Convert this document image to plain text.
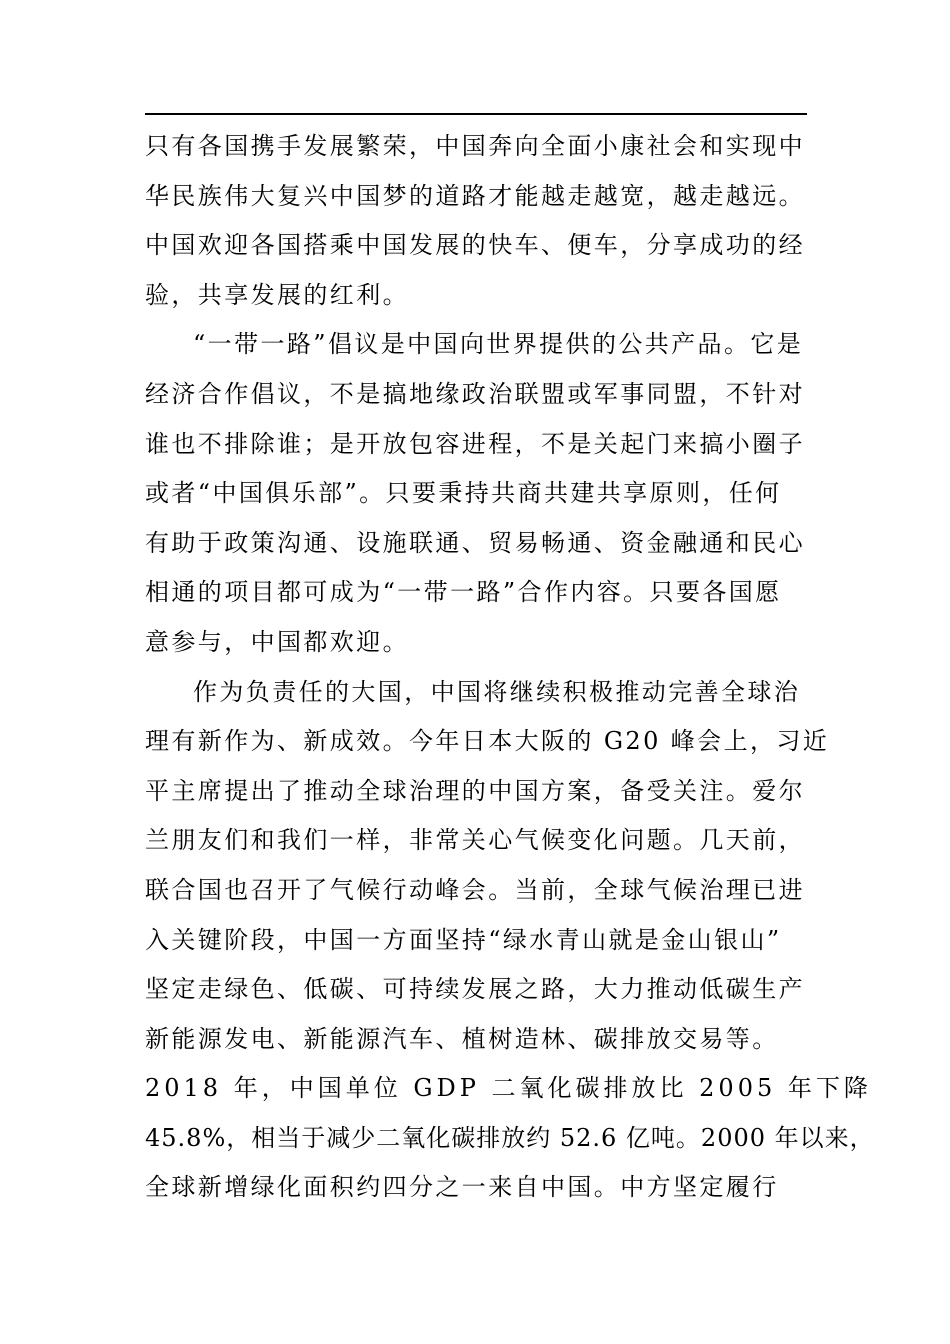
只有各国携手发展繁荣，中国奔向全面小康社会和实现中
华民族伟大复兴中国梦的道路才能越走越宽，越走越远。
中国欢迎各国搭乘中国发展的快车、便车，分享成功的经
验，共享发展的红利。
“一带一路”倡议是中国向世界提供的公共产品。它是
经济合作倡议，不是搞地缘政治联盟或军事同盟，不针对
谁也不排除谁；是开放包容进程，不是关起门来搞小圈子
或者“中国俱乐部”。只要秉持共商共建共享原则，任何
有助于政策沟通、设施联通、贸易畅通、资金融通和民心
相通的项目都可成为“一带一路”合作内容。只要各国愿
意参与，中国都欢迎。
作为负责任的大国，中国将继续积极推动完善全球治
理有新作为、新成效。今年日本大阪的 G20 峰会上，习近
平主席提出了推动全球治理的中国方案，备受关注。爱尔
兰朋友们和我们一样，非常关心气候变化问题。几天前，
联合国也召开了气候行动峰会。当前，全球气候治理已进
入关键阶段，中国一方面坚持“绿水青山就是金山银山”
坚定走绿色、低碳、可持续发展之路，大力推动低碳生产
新能源发电、新能源汽车、植树造林、碳排放交易等。
2018 年，中国单位 GDP 二氧化碳排放比 2005 年下降
45.8%，相当于减少二氧化碳排放约 52.6 亿吨。2000 年以来，
全球新增绿化面积约四分之一来自中国。中方坚定履行
